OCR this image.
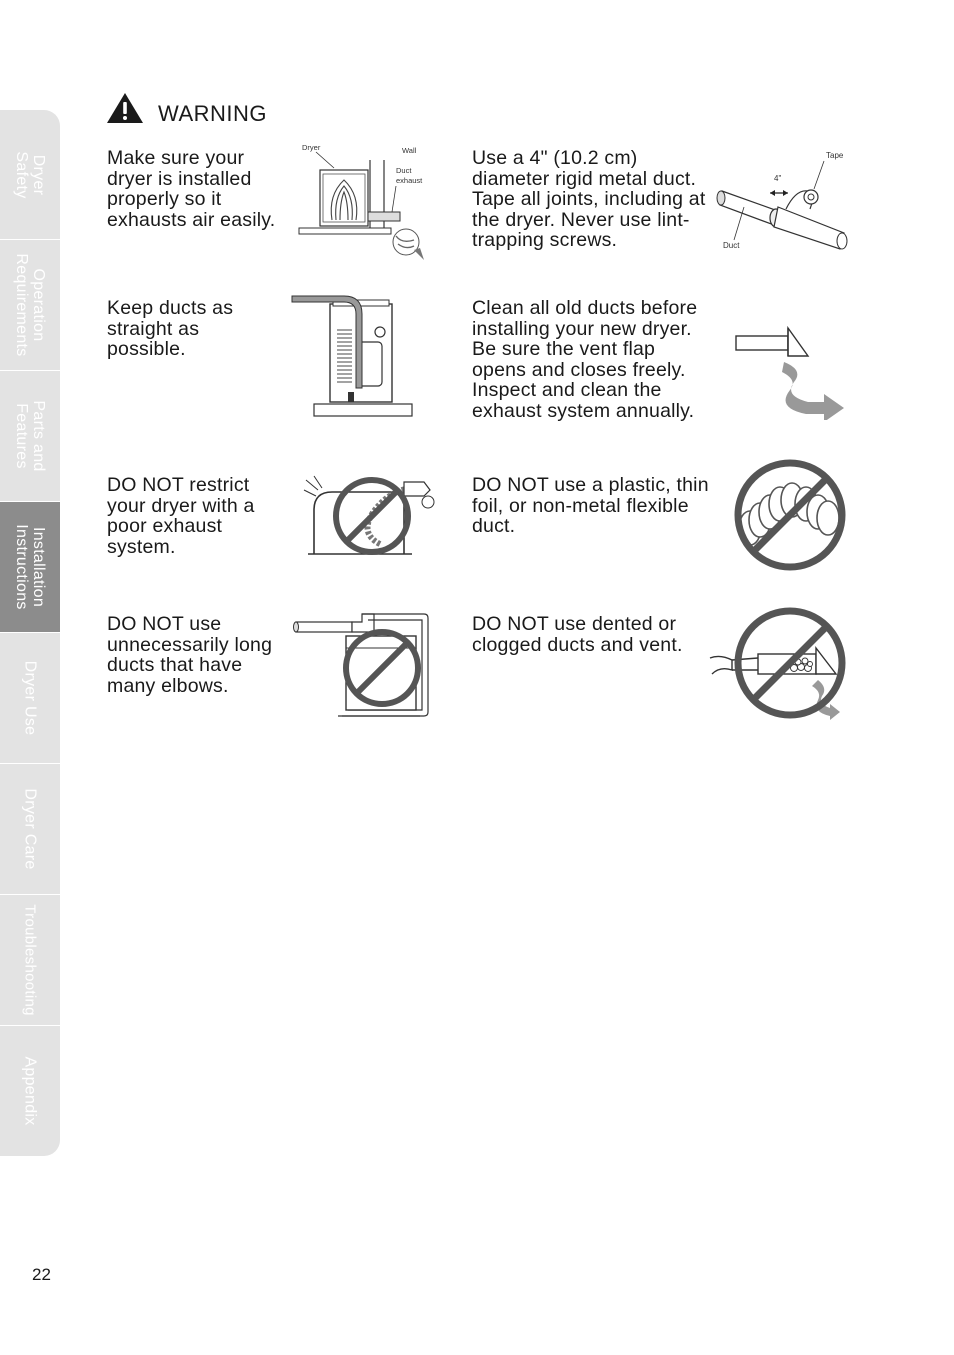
Dryer
Safety
Operation
Requirements
Parts and
Features
Installation
Instructions
Dryer Use
Dryer Care
Troubleshooting
Appendix
WARNING
Make sure your dryer is installed properly so it exhausts air easily.
Dryer	Wall
Duct
exhaust
Use a 4" (10.2 cm) diameter rigid metal duct. Tape all joints, including at the dryer. Never use lint-trapping screws.
Tape
4"
Duct
Keep ducts as straight as possible.
Clean all old ducts before installing your new dryer. Be sure the vent flap opens and closes freely. Inspect and clean the exhaust system annually.
DO NOT restrict your dryer with a poor exhaust system.
DO NOT use a plastic, thin foil, or non-metal flexible duct.
DO NOT use unnecessarily long ducts that have many elbows.
DO NOT use dented or clogged ducts and vent.
22
